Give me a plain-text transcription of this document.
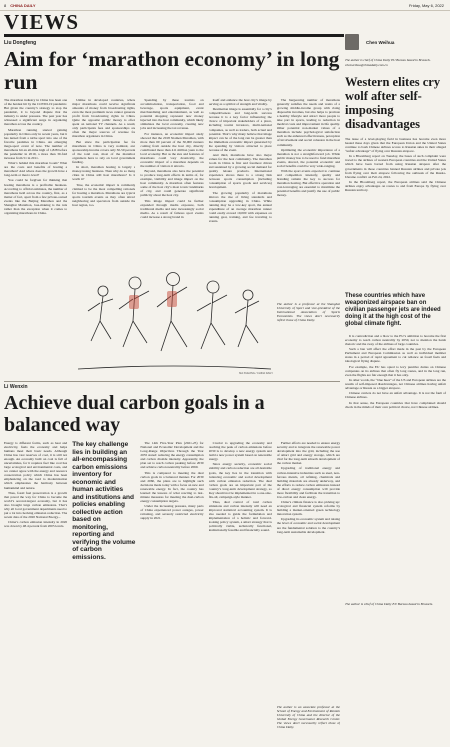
8 CHINA DAILY	Friday, May 6, 2022
VIEWS
Liu Dongfeng
Aim for ‘marathon economy’ in long run

The marathon industry in China has been one of the hardest hit by the COVID-19 pandemic. But given the country’s strategy to stop the pandemic, it is beyond dispute that the industry is under pressure. The past year has witnessed a significant surge in organizing marathon across the country.

Marathon running started gaining popularity in China only in recent years, but it has turned from a niche sport into one of the favorite pastimes in China. An emerging mega-sport event of note. The number of marathons hit an all-time high of 1,828 before the pandemic in 2019, a more than 30-fold increase from 51 in 2011.

What’s behind this marathon boom? What are the costs and benefits of hosting a marathon? And where does the growth have a long-term or macro level?

You could be forgiven for thinking that hosting marathons is a profitable business. According to official estimates, the number of marathons held across the country, first, as a matter of fact, apart from a few private-owned events like the Beijing Marathon and the Shanghai Marathon, loss-making is the rule rather than the exception when it comes to organizing marathons in China.

Unlike in developed countries, where major marathons could receive significant amounts of money from broadcasting rights, even the most premium races cannot generate profit from broadcasting rights in China. Quite the opposite: public money is often spent on national TV channels. As a result, only participants fees and sponsorships are often the major sources of revenue for marathon organizers in China.

But since the participation fee for marathons in China is very nominal, and sponsorship income covers only 30-50 percent of the total cost, most of the marathon organizers have to rely on local government funding.

In short, marathon hosting is largely a money-losing business. Then why do so many cities in China still host marathons? Is it worth it?

True, the economic impact is commonly claimed to be the most compelling rationale for hosting a marathon. Marathons are typical sports tourism events as they often attract neighboring and spectators from outside the host region, too.

Spending by these tourists on accommodation, transportation, food and beverage, sports equipment, event merchandising and entertainment, as well as potential shopping represent new money injected into the host community, which likely stimulates the local economy, creating new jobs and increasing the tax revenue.

For instance, an economic impact study showed that the 2018 Xiamen Marathon, with more than 60 percent of the 30,000 runners coming from outside the host city, directly contributed more than 411 million yuan to the local economy. But as the size and features of marathons could vary drastically, the economic impact of a marathon depends on the number of visitors it attracts.

Beyond, marathons also have the potential to produce long-term effects in terms of, for example, visibility and image impact on the host community. A marathon often features some of the host city’s most iconic landmarks of city, and could generate significant publicity about the host city.

This image impact could be further expanded through media exposure, both traditional media and new increasingly social media. As a result of famous sport events could increase a strong brand in

itself and enhance the host city’s image by serving as a symbol of strength and vitality.

Destination image is essentially for a city’s competitiveness and long-term success because it is a key factor influencing the choice of important stakeholders of a place, including tourist investors, multi-national companies, as well as traders, both actual and potential. That’s why many believe that image impact can be of the long run be greater than the immediate economic impact generated by the spending by visitors attracted to place because of the event.

And third, marathons have also major values for the host community. The marathon boom in China is first and foremost driven and sustained by a growing social demand for quality leisure products. International experience shows there is a strong link between sports consumption (including consumption of sports goods and services) development.

The growing popularity of marathons mirrors the rise of living standards and consumption upgrading in China. While running may be a low-key sport, the annual expenditure of an average marathon runner could easily exceed 10,000 with expenses on running gear, training, and fee traveling to events.

The burgeoning number of marathons generally satisfies the needs and wants of a growing middle-income group with rising disposable incomes, but also helps to promote a healthy lifestyle and attract more people to take part in sports, leading to reduction in medical costs and improvement in life quality. Other potential non-market values of a marathon include psychological satisfaction such as the enhanced effectiveness, perception of involvement and social cohesion in the host community.

Optimizing the economic importance of a marathon is not a straightforward job. While public money has to be used to fund marathon events, shrewd, the potential economic and social benefits could be very wide-ranging.

With the sport events expected to continue and competition intensify, quality and branding remain the key to success for marathon hosting. But effective operation and cost-leveraging are essential to maximize the potential benefits and justify the use of public money.

The author is a professor at the Shanghai University of Sport and vice-president of the International Association of Sports Economists. The views don’t necessarily reflect those of China Daily.
MA XUEJING / CHINA DAILY
Li Wenxin
Achieve dual carbon goals in a balanced way

Energy is different forms, such as heat and electricity, fuels the economy and helps humans meet their basic needs. Although China has vast reserves of coal, it is still not enough. An economy built on coal is full of uncertainties, for it requires fuel like coal has large ecological and environmental costs, and we cannot agree with the energy and resource conservation policy which China has been emphasizing on the road to modernization which emphasizes the harmony between humankind and nature.

Thus, fossil fuel preservation is a growth that paved the way for China to become the world’s second-largest economy, but it has also brought large carbon emissions. That’s why all local government departments need to put a lot into hecking emission reduction. The recent data of the 2020 National Energy...

China’s carbon emission intensity in 2020 was down by 48.4 percent from 2005 levels.

The key challenge lies in building an all-encompassing carbon emissions inventory for economic and human activities and institutions and policies enabling collective action based on monitoring, reporting and verifying the volume of carbon emissions.

The 14th Five-Year Plan (2021-25) for National and Economic Development and the Long-Range Objectives Through the Year 2035 stated: reducing the energy consumption and carbon dioxide intensity. Apparently, the plan set to reach carbon peaking before 2030 and achieve carbon neutrality before 2060.

This is compared to meeting the dual carbon goals in a balanced manner. For 2030 and 2060, the plans are to highlight such decisions made today with a focus on new and renewable energy. In fact, the country has learned the lessons of what reacting to last-minute measures for meeting the dual-carbon energy consumption targets.

Under the increasing pressure, many parts of China experienced power outages, power rationing, and severely restricted electricity supply in 2021.

Crucial to upgrading the economy and reaching the peak of carbon emissions before 2030 is to develop a new energy system and build a new power system based on renewable energy.

Since energy security, economic social stability and carbon reduction are all desirable goals, the key lies in the transition with balancing economic and social development with carbon emission reduction. The dual carbon goals are an important part of the country’s long-term development strategy, so they should not be implemented in a one-size-fits-all, campaign-style manner.

Thus, dual control of total carbon emissions and carbon intensity will need an improved statistical accounting system. It is also needed to guide the formulation and implementation of a holistic and forward-looking policy system, a smart strategy that is politically viable, technically functional, institutionally feasible and financially sound.

Further efforts are needed to ensure energy security and to integrate the renewable power development into the grid, including the use of smart grid and energy storage, which are vital for the long-term smooth development of the carbon market.

Upgrading of traditional energy and carbon-intensive industries such as steel, non-ferrous metals, oil refining, chemicals and building materials are already underway, and the efforts to reduce carbon emissions instead of direct energy consumption will provide more flexibility and facilitate the transition to low-carbon and clean energy.

China’s climate finance is also picking up: ecological and financial system reforms by building a market-oriented green technology innovation system.

Upgrading its economic system and raising the level of economic and social development are the fundamental solution to the country’s long-term sustainable development.

The author is an associate professor at the School of Energy and Environment of Renmin University of China and the director of the Global Energy Governance Research Center. The views don’t necessarily reflect those of China Daily.
Chen Weihua
The author is chief of China Daily EU Bureau based in Brussels.
chenweihua@chinadaily.com.cn
Western elites cry wolf after self-imposing disadvantages

The issue of a level-playing field in business has become even more heated these days given that the European Union and the United States continue to bash Chinese airlines access to Russian skies in their alleged “unfair advantage” of flying over Russian airspace.

In a Bloomberg report on Tuesday, the bases of such complaint were traced to the airlines of western European countries and the United States which have been barred from using Russian airspace after the governments in those countries banned Russian airlines and private jets from flying over their airspace following the outbreak of the Russia-Ukraine conflict on Feb 24, 2022.

In the Bloomberg report, the European airlines said the Chinese airlines enjoy advantages on routes to and from Europe by flying over Russian territory.

These countries which have weaponized airspace ban on civilian passenger jets are indeed doing it at the high cost of the global climate fight.

It is contradiction and a blow to the EU’s ambition to become the first economy to reach carbon neutrality by 2050, not to mention the harsh rhetoric and the sway of the airlines of large countries.

Such a ban will affect the effort made in the past by the European Parliament and European Commission as well as individual member states in a period of rapid agreement to cut reliance on fossil fuels and ideological flying dispute.

For example, the EU has opted to levy punitive duties on Chinese companies on its airlines that often fly long routes, and in the long run, even the flights are fair enough that it has only.

In other words, the “blue hues” of the US and European airlines are the results of self-imposed disadvantages, not Chinese airlines having unfair advantage or Russia as a bigger airspace.

Chinese carriers do not have an unfair advantage. It is not the fault of Chinese airlines.

In that sense, the European countries that have complained should check in the minds of their own political choice, not Chinese airlines.

The author is chief of China Daily EU Bureau based in Brussels.
